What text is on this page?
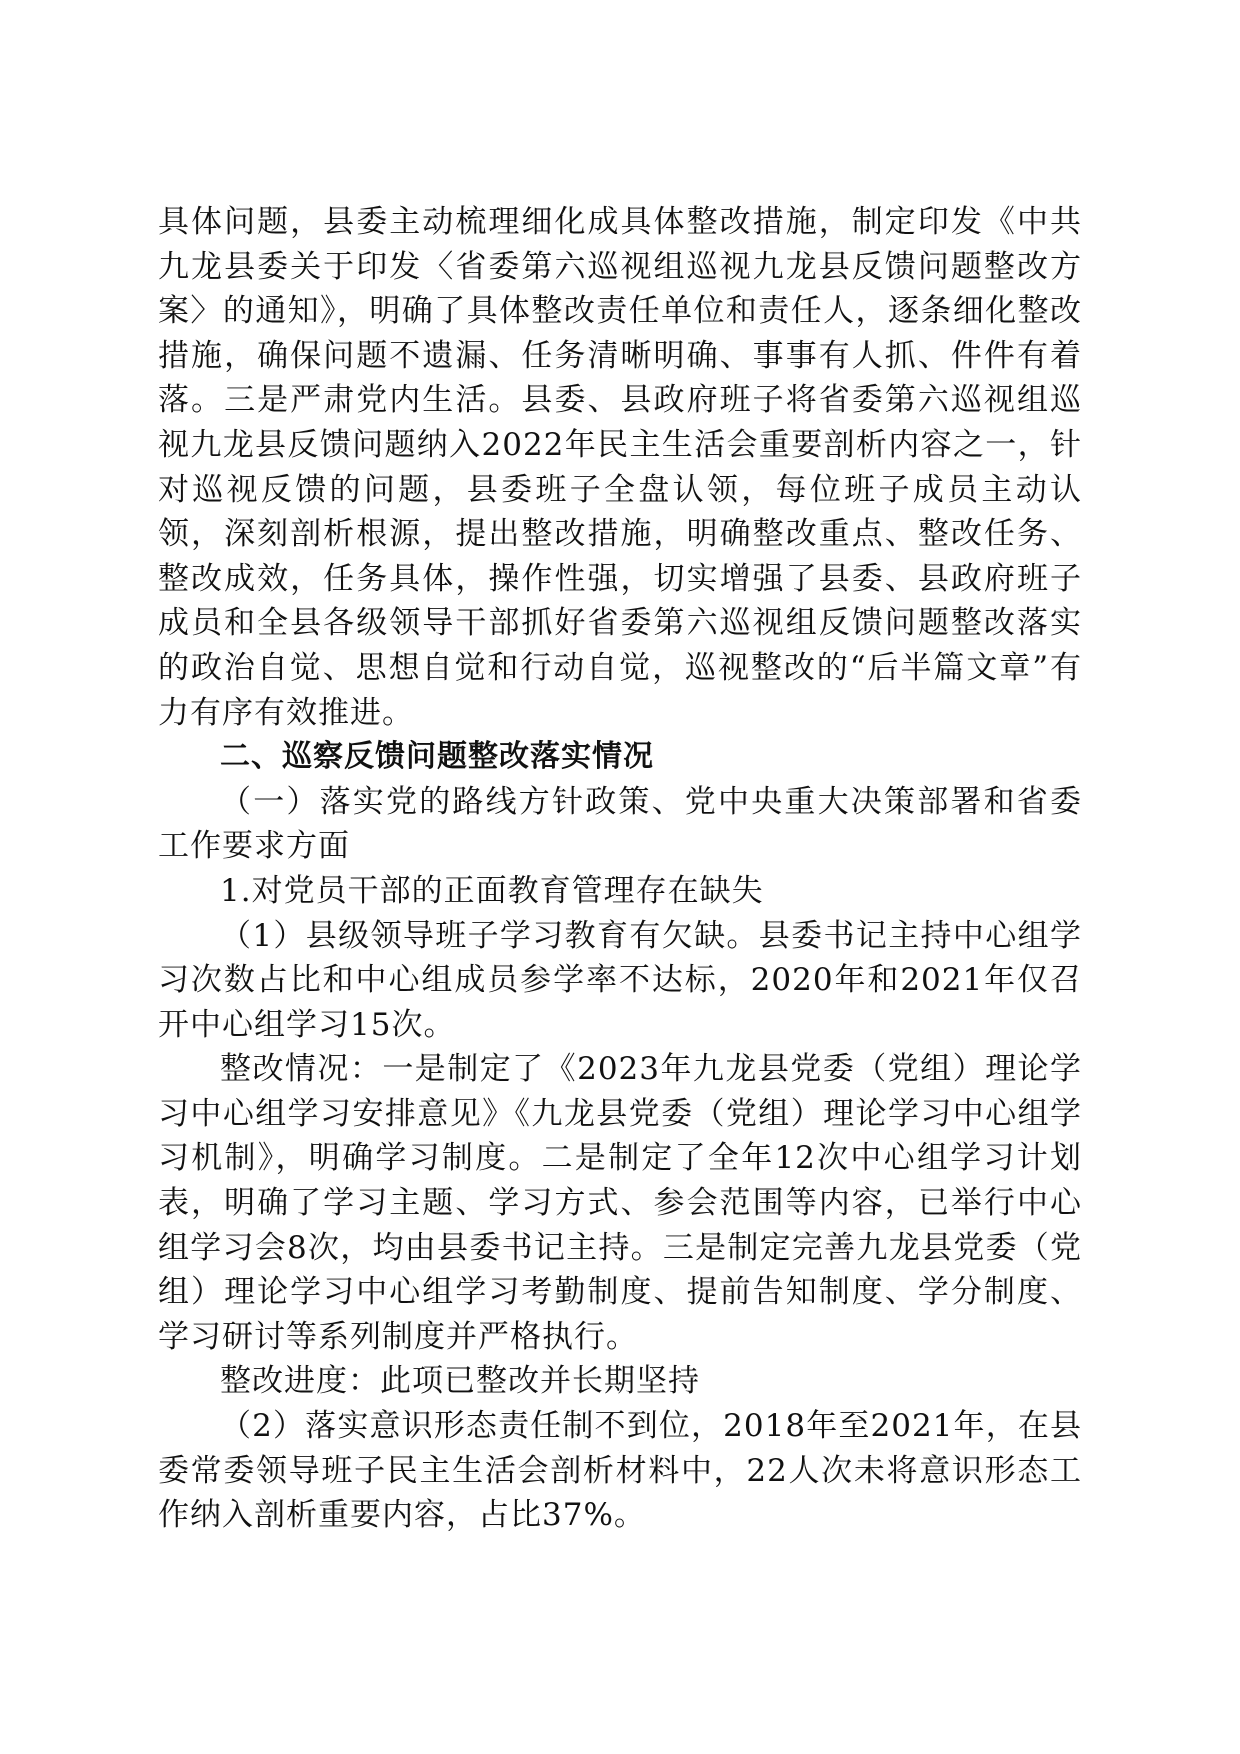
具体问题，县委主动梳理细化成具体整改措施，制定印发《中共九龙县委关于印发〈省委第六巡视组巡视九龙县反馈问题整改方案〉的通知》，明确了具体整改责任单位和责任人，逐条细化整改措施，确保问题不遗漏、任务清晰明确、事事有人抓、件件有着落。三是严肃党内生活。县委、县政府班子将省委第六巡视组巡视九龙县反馈问题纳入2022年民主生活会重要剖析内容之一，针对巡视反馈的问题，县委班子全盘认领，每位班子成员主动认领，深刻剖析根源，提出整改措施，明确整改重点、整改任务、整改成效，任务具体，操作性强，切实增强了县委、县政府班子成员和全县各级领导干部抓好省委第六巡视组反馈问题整改落实的政治自觉、思想自觉和行动自觉，巡视整改的“后半篇文章”有力有序有效推进。

二、巡察反馈问题整改落实情况

（一）落实党的路线方针政策、党中央重大决策部署和省委工作要求方面

1.对党员干部的正面教育管理存在缺失

（1）县级领导班子学习教育有欠缺。县委书记主持中心组学习次数占比和中心组成员参学率不达标，2020年和2021年仅召开中心组学习15次。

整改情况：一是制定了《2023年九龙县党委（党组）理论学习中心组学习安排意见》《九龙县党委（党组）理论学习中心组学习机制》，明确学习制度。二是制定了全年12次中心组学习计划表，明确了学习主题、学习方式、参会范围等内容，已举行中心组学习会8次，均由县委书记主持。三是制定完善九龙县党委（党组）理论学习中心组学习考勤制度、提前告知制度、学分制度、学习研讨等系列制度并严格执行。

整改进度：此项已整改并长期坚持

（2）落实意识形态责任制不到位，2018年至2021年，在县委常委领导班子民主生活会剖析材料中，22人次未将意识形态工作纳入剖析重要内容，占比37%。
